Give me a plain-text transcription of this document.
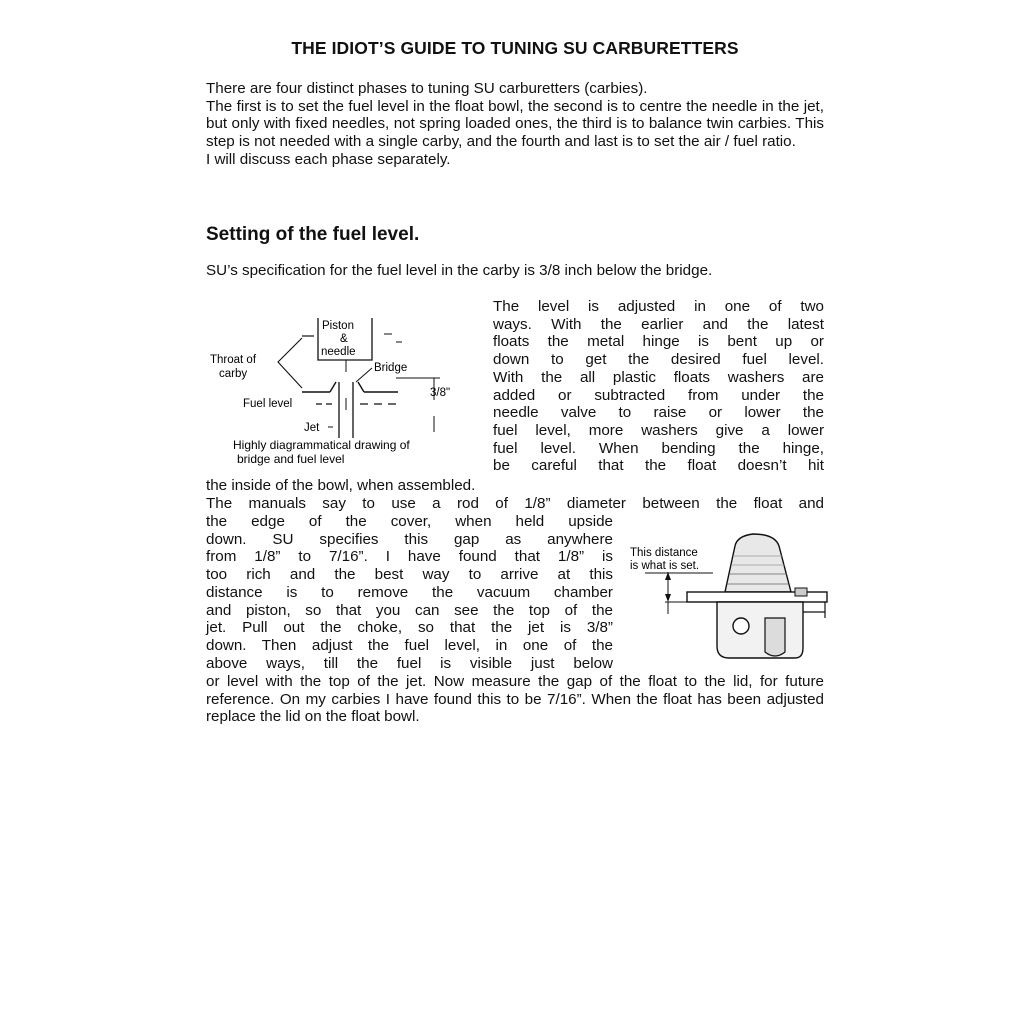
THE IDIOT’S GUIDE TO TUNING SU CARBURETTERS

There are four distinct phases to tuning SU carburetters (carbies).

The first is to set the fuel level in the float bowl, the second is to centre the needle in the jet, but only with fixed needles, not spring loaded ones, the third is to balance twin carbies. This step is not needed with a single carby, and the fourth and last is to set the air / fuel ratio.

I will discuss each phase separately.

Setting of the fuel level.

SU’s specification for the fuel level in the carby is 3/8 inch below the bridge.

The level is adjusted in one of two
ways. With the earlier and the latest
floats the metal hinge is bent up or
down to get the desired fuel level.
With the all plastic floats washers are
added or subtracted from under the
needle valve to raise or lower the
fuel level, more washers give a lower
fuel level. When bending the hinge,
be careful that the float doesn’t hit
Piston
&
needle
Throat of
carby	Bridge
3/8"
Fuel level
Jet
Highly diagrammatical drawing of
bridge and fuel level
the inside of the bowl, when assembled.
The manuals say to use a rod of 1/8” diameter between the float and
the edge of the cover, when held upside
down. SU specifies this gap as anywhere
from 1/8” to 7/16”. I have found that 1/8” is
too rich and the best way to arrive at this
distance is to remove the vacuum chamber
and piston, so that you can see the top of the
jet. Pull out the choke, so that the jet is 3/8”
down. Then adjust the fuel level, in one of the
above ways, till the fuel is visible just below
This distance
is what is set.

or level with the top of the jet. Now measure the gap of the float to the lid, for future reference. On my carbies I have found this to be 7/16”. When the float has been adjusted replace the lid on the float bowl.
